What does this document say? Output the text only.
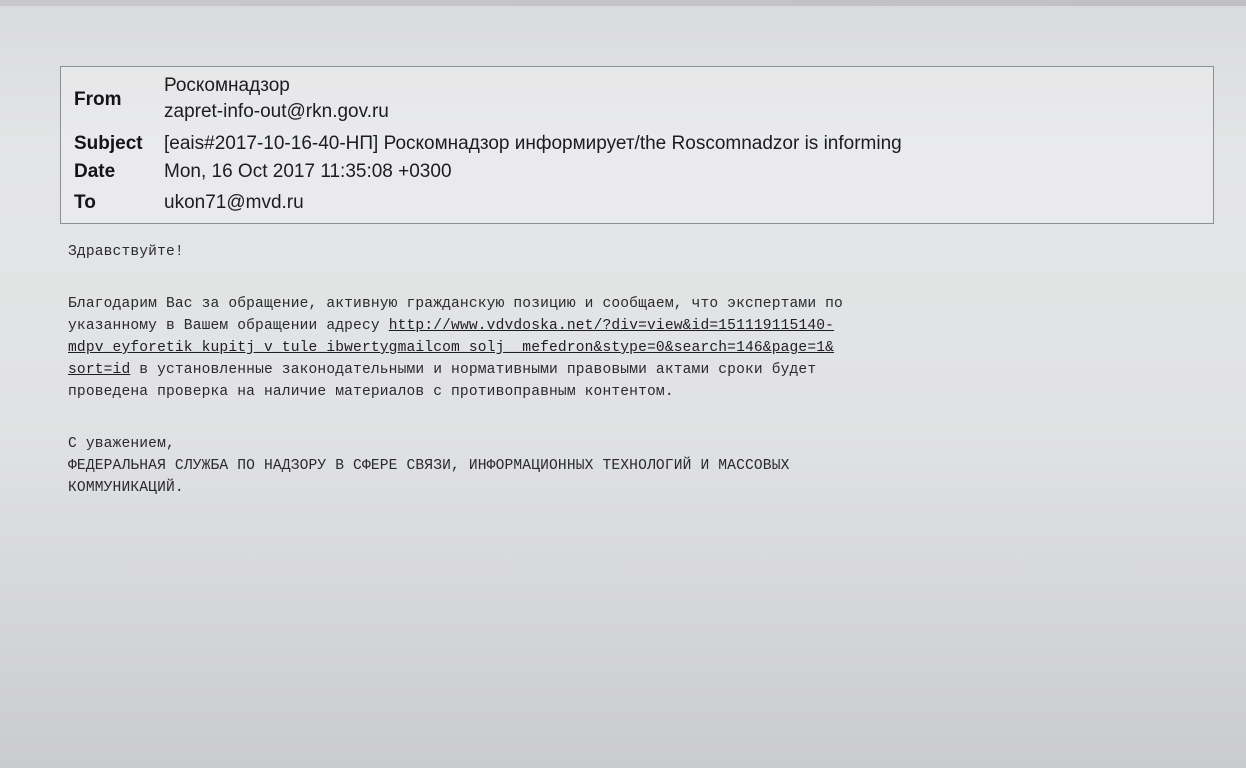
From
Роскомнадзор
zapret-info-out@rkn.gov.ru
Subject [eais#2017-10-16-40-НП] Роскомнадзор информирует/the Roscomnadzor is informing
Date	Mon, 16 Oct 2017 11:35:08 +0300
To	ukon71@mvd.ru
Здравствуйте!
Благодарим Вас за обращение, активную гражданскую позицию и сообщаем, что экспертами по
указанному в Вашем обращении адресу http://www.vdvdoska.net/?div=view&id=151119115140-
mdpv_eyforetik_kupitj_v_tule_ibwertygmailcom_solj__mefedron&stype=0&search=146&page=1&
sort=id в установленные законодательными и нормативными правовыми актами сроки будет
проведена проверка на наличие материалов с противоправным контентом.
С уважением,
ФЕДЕРАЛЬНАЯ СЛУЖБА ПО НАДЗОРУ В СФЕРЕ СВЯЗИ, ИНФОРМАЦИОННЫХ ТЕХНОЛОГИЙ И МАССОВЫХ
КОММУНИКАЦИЙ.
